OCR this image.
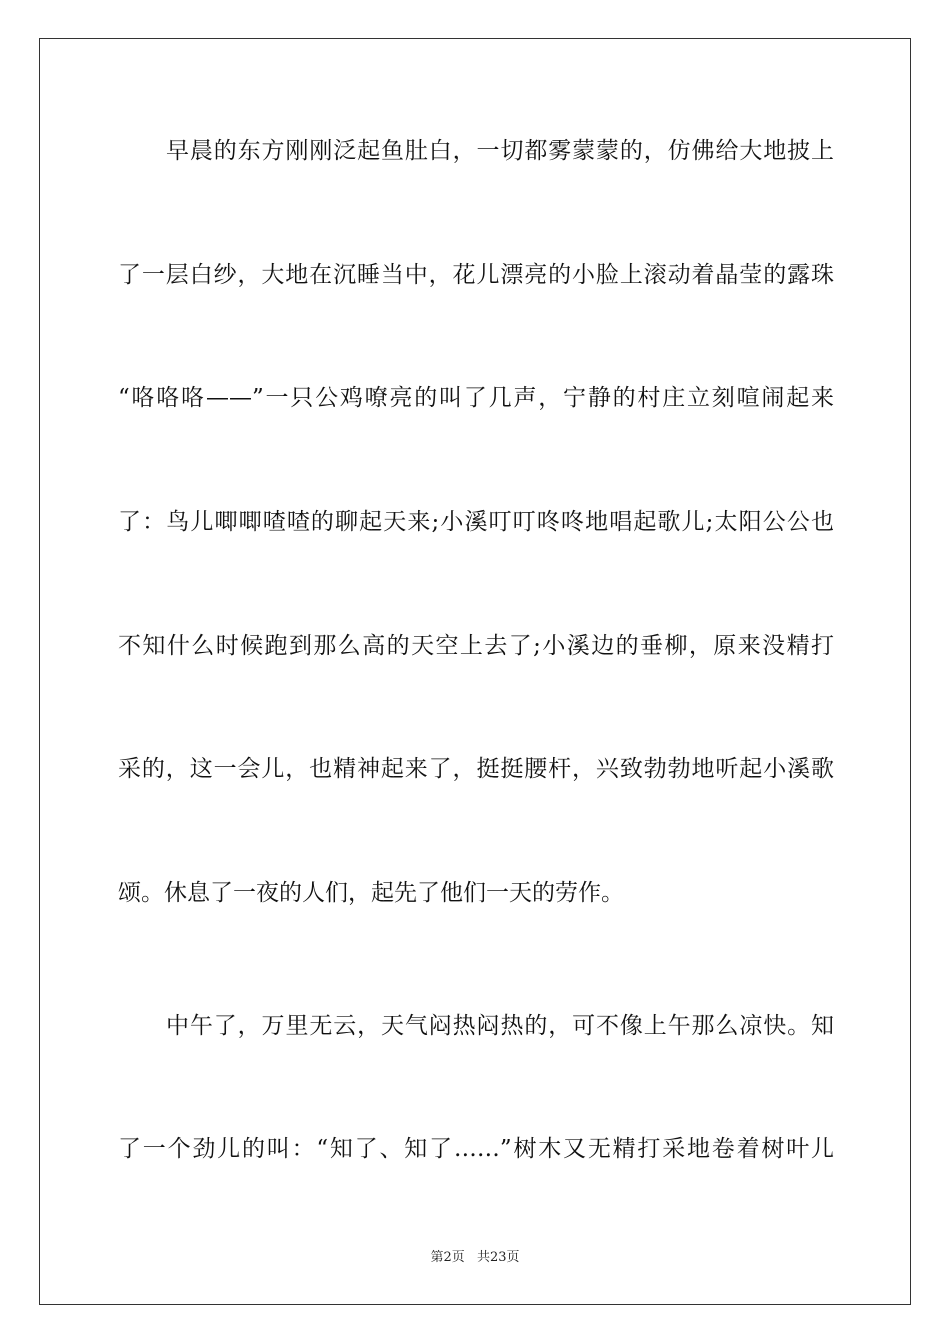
早晨的东方刚刚泛起鱼肚白，一切都雾蒙蒙的，仿佛给大地披上
了一层白纱，大地在沉睡当中，花儿漂亮的小脸上滚动着晶莹的露珠
“咯咯咯——”一只公鸡嘹亮的叫了几声，宁静的村庄立刻喧闹起来
了：鸟儿唧唧喳喳的聊起天来;小溪叮叮咚咚地唱起歌儿;太阳公公也
不知什么时候跑到那么高的天空上去了;小溪边的垂柳，原来没精打
采的，这一会儿，也精神起来了，挺挺腰杆，兴致勃勃地听起小溪歌
颂。休息了一夜的人们，起先了他们一天的劳作。
中午了，万里无云，天气闷热闷热的，可不像上午那么凉快。知
了一个劲儿的叫：“知了、知了……”树木又无精打采地卷着树叶儿
第2页 共23页
